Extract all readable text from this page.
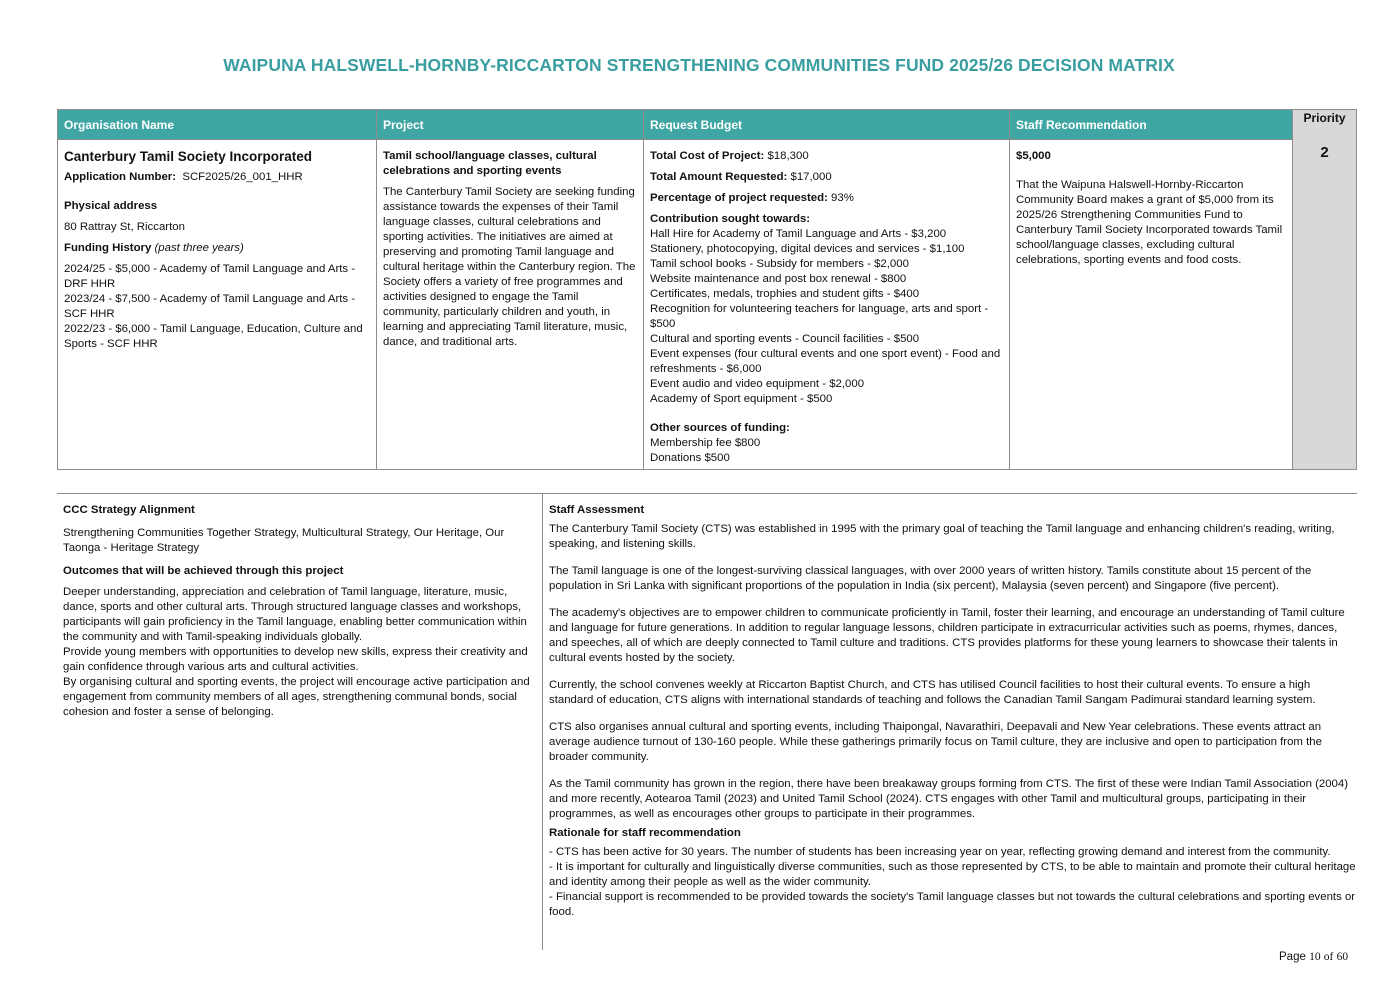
WAIPUNA HALSWELL-HORNBY-RICCARTON STRENGTHENING COMMUNITIES FUND 2025/26 DECISION MATRIX
Organisation Name
Canterbury Tamil Society Incorporated

Application Number: SCF2025/26_001_HHR

Physical address

80 Rattray St, Riccarton

Funding History (past three years)

2024/25 - $5,000 - Academy of Tamil Language and Arts - DRF HHR
2023/24 - $7,500 - Academy of Tamil Language and Arts - SCF HHR
2022/23 - $6,000 - Tamil Language, Education, Culture and Sports - SCF HHR
Project

Tamil school/language classes, cultural celebrations and sporting events

The Canterbury Tamil Society are seeking funding assistance towards the expenses of their Tamil language classes, cultural celebrations and sporting activities. The initiatives are aimed at preserving and promoting Tamil language and cultural heritage within the Canterbury region. The Society offers a variety of free programmes and activities designed to engage the Tamil community, particularly children and youth, in learning and appreciating Tamil literature, music, dance, and traditional arts.

Request Budget

Total Cost of Project: $18,300

Total Amount Requested: $17,000

Percentage of project requested: 93%

Contribution sought towards:

Hall Hire for Academy of Tamil Language and Arts - $3,200
Stationery, photocopying, digital devices and services - $1,100
Tamil school books - Subsidy for members - $2,000
Website maintenance and post box renewal - $800
Certificates, medals, trophies and student gifts - $400
Recognition for volunteering teachers for language, arts and sport - $500
Cultural and sporting events - Council facilities - $500
Event expenses (four cultural events and one sport event) - Food and refreshments - $6,000
Event audio and video equipment - $2,000
Academy of Sport equipment - $500

Other sources of funding:

Membership fee $800
Donations $500
Staff Recommendation

$5,000

That the Waipuna Halswell-Hornby-Riccarton Community Board makes a grant of $5,000 from its 2025/26 Strengthening Communities Fund to Canterbury Tamil Society Incorporated towards Tamil school/language classes, excluding cultural celebrations, sporting events and food costs.

Priority
2

CCC Strategy Alignment

Strengthening Communities Together Strategy, Multicultural Strategy, Our Heritage, Our Taonga - Heritage Strategy

Outcomes that will be achieved through this project

Deeper understanding, appreciation and celebration of Tamil language, literature, music, dance, sports and other cultural arts. Through structured language classes and workshops, participants will gain proficiency in the Tamil language, enabling better communication within the community and with Tamil-speaking individuals globally.
Provide young members with opportunities to develop new skills, express their creativity and gain confidence through various arts and cultural activities.
By organising cultural and sporting events, the project will encourage active participation and engagement from community members of all ages, strengthening communal bonds, social cohesion and foster a sense of belonging.

Staff Assessment

The Canterbury Tamil Society (CTS) was established in 1995 with the primary goal of teaching the Tamil language and enhancing children's reading, writing, speaking, and listening skills.

The Tamil language is one of the longest-surviving classical languages, with over 2000 years of written history. Tamils constitute about 15 percent of the population in Sri Lanka with significant proportions of the population in India (six percent), Malaysia (seven percent) and Singapore (five percent).

The academy's objectives are to empower children to communicate proficiently in Tamil, foster their learning, and encourage an understanding of Tamil culture and language for future generations. In addition to regular language lessons, children participate in extracurricular activities such as poems, rhymes, dances, and speeches, all of which are deeply connected to Tamil culture and traditions. CTS provides platforms for these young learners to showcase their talents in cultural events hosted by the society.

Currently, the school convenes weekly at Riccarton Baptist Church, and CTS has utilised Council facilities to host their cultural events. To ensure a high standard of education, CTS aligns with international standards of teaching and follows the Canadian Tamil Sangam Padimurai standard learning system.

CTS also organises annual cultural and sporting events, including Thaipongal, Navarathiri, Deepavali and New Year celebrations. These events attract an average audience turnout of 130-160 people. While these gatherings primarily focus on Tamil culture, they are inclusive and open to participation from the broader community.

As the Tamil community has grown in the region, there have been breakaway groups forming from CTS. The first of these were Indian Tamil Association (2004) and more recently, Aotearoa Tamil (2023) and United Tamil School (2024). CTS engages with other Tamil and multicultural groups, participating in their programmes, as well as encourages other groups to participate in their programmes.

Rationale for staff recommendation

- CTS has been active for 30 years. The number of students has been increasing year on year, reflecting growing demand and interest from the community.
- It is important for culturally and linguistically diverse communities, such as those represented by CTS, to be able to maintain and promote their cultural heritage and identity among their people as well as the wider community.
- Financial support is recommended to be provided towards the society's Tamil language classes but not towards the cultural celebrations and sporting events or food.
Page 10 of 60
